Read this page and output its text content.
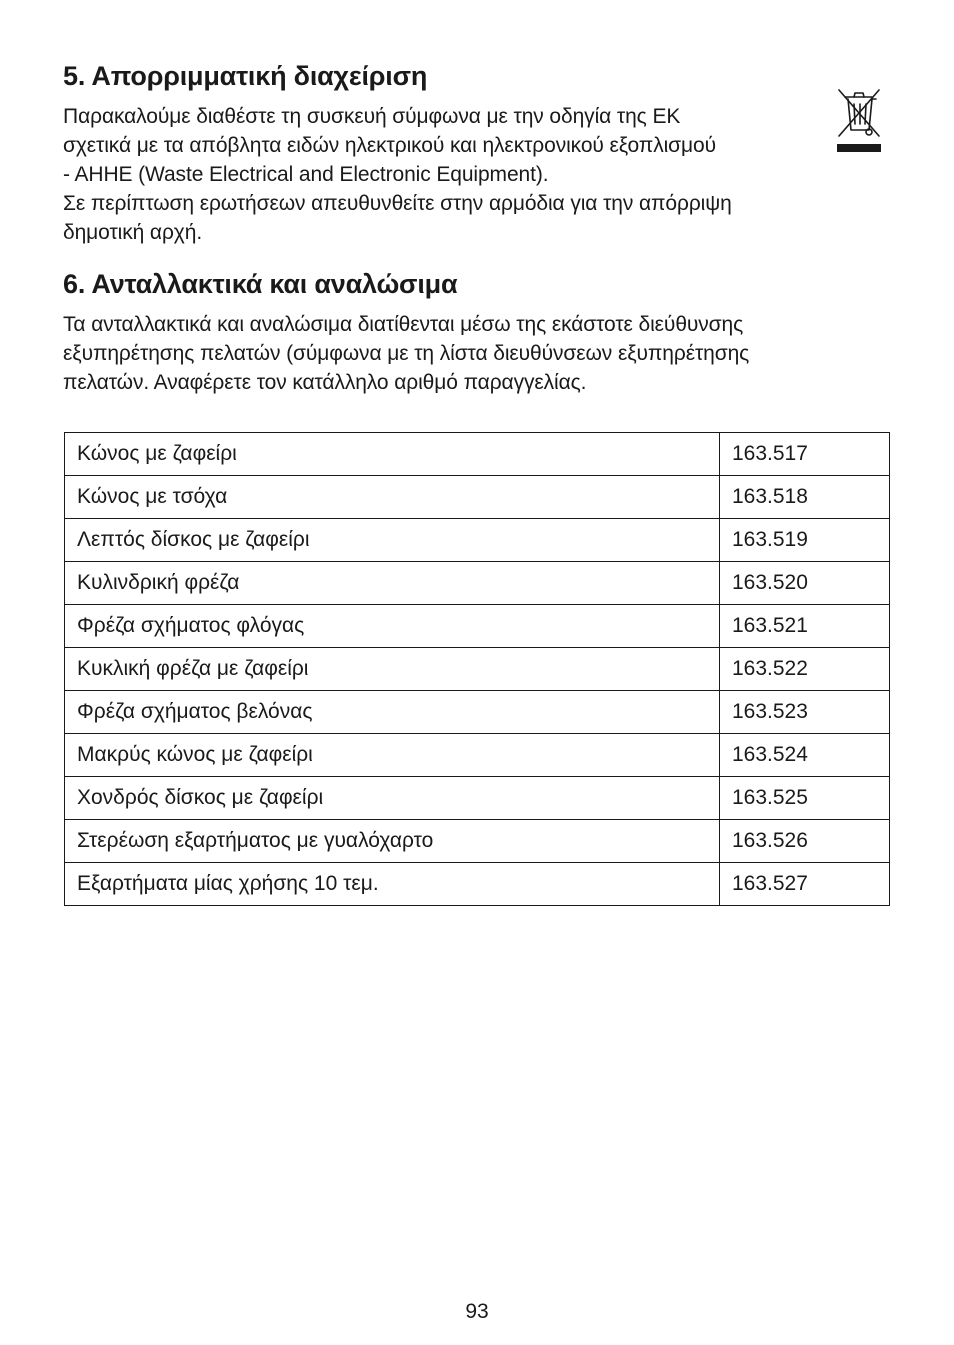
5. Απορριμματική διαχείριση

Παρακαλούμε διαθέστε τη συσκευή σύμφωνα με την οδηγία της ΕΚ
σχετικά με τα απόβλητα ειδών ηλεκτρικού και ηλεκτρονικού εξοπλισμού
- AHHE (Waste Electrical and Electronic Equipment).
Σε περίπτωση ερωτήσεων απευθυνθείτε στην αρμόδια για την απόρριψη
δημοτική αρχή.

6. Ανταλλακτικά και αναλώσιμα

Τα ανταλλακτικά και αναλώσιμα διατίθενται μέσω της εκάστοτε διεύθυνσης
εξυπηρέτησης πελατών (σύμφωνα με τη λίστα διευθύνσεων εξυπηρέτησης
πελατών. Αναφέρετε τον κατάλληλο αριθμό παραγγελίας.

Κώνος με ζαφείρι	163.517
Κώνος με τσόχα	163.518
Λεπτός δίσκος με ζαφείρι	163.519
Κυλινδρική φρέζα	163.520
Φρέζα σχήματος φλόγας	163.521
Κυκλική φρέζα με ζαφείρι	163.522
Φρέζα σχήματος βελόνας	163.523
Μακρύς κώνος με ζαφείρι	163.524
Χονδρός δίσκος με ζαφείρι	163.525
Στερέωση εξαρτήματος με γυαλόχαρτο	163.526
Εξαρτήματα μίας χρήσης 10 τεμ.	163.527
93
